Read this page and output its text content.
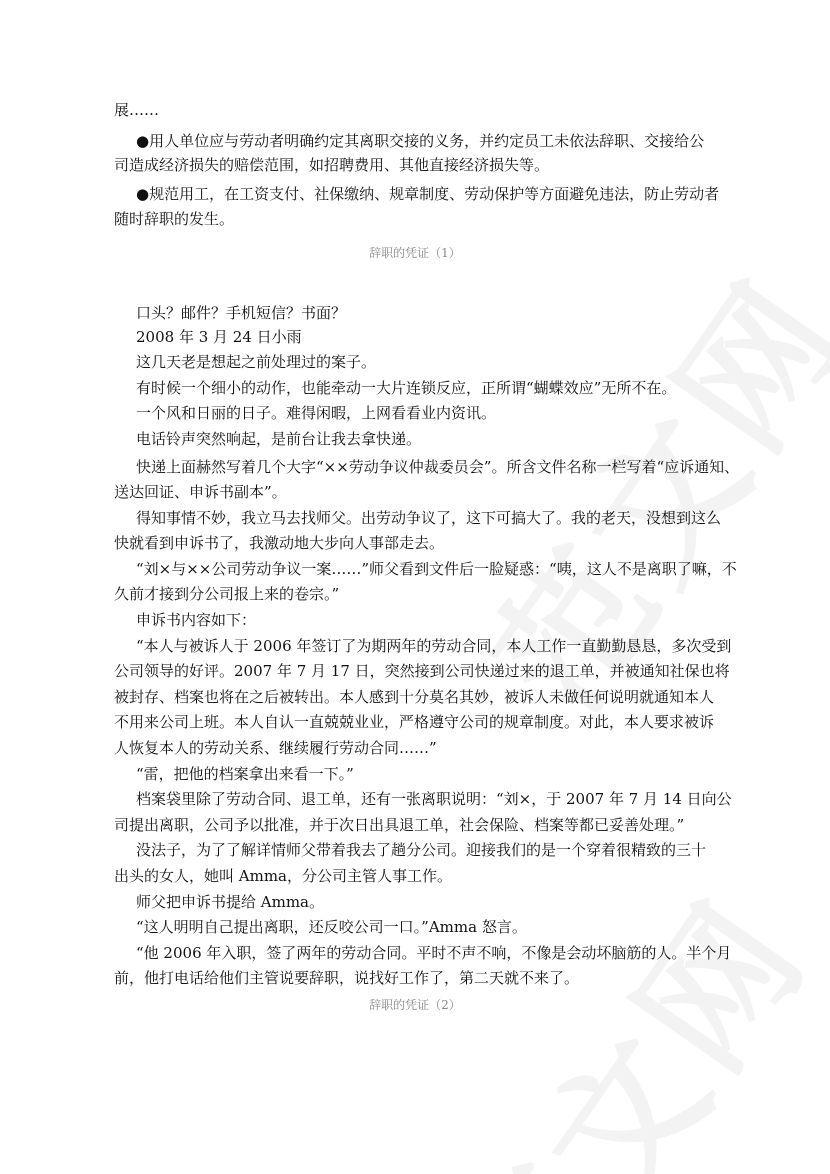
展……
●用人单位应与劳动者明确约定其离职交接的义务，并约定员工未依法辞职、交接给公
司造成经济损失的赔偿范围，如招聘费用、其他直接经济损失等。
●规范用工，在工资支付、社保缴纳、规章制度、劳动保护等方面避免违法，防止劳动者
随时辞职的发生。
辞职的凭证（1）
口头？邮件？手机短信？书面？
2008 年 3 月 24 日小雨
这几天老是想起之前处理过的案子。
有时候一个细小的动作，也能牵动一大片连锁反应，正所谓“蝴蝶效应”无所不在。
一个风和日丽的日子。难得闲暇，上网看看业内资讯。
电话铃声突然响起，是前台让我去拿快递。
快递上面赫然写着几个大字“××劳动争议仲裁委员会”。所含文件名称一栏写着“应诉通知、
送达回证、申诉书副本”。
得知事情不妙，我立马去找师父。出劳动争议了，这下可搞大了。我的老天，没想到这么
快就看到申诉书了，我激动地大步向人事部走去。
“刘×与××公司劳动争议一案……”师父看到文件后一脸疑惑：“咦，这人不是离职了嘛，不
久前才接到分公司报上来的卷宗。”
申诉书内容如下：
“本人与被诉人于 2006 年签订了为期两年的劳动合同，本人工作一直勤勤恳恳，多次受到
公司领导的好评。2007 年 7 月 17 日，突然接到公司快递过来的退工单，并被通知社保也将
被封存、档案也将在之后被转出。本人感到十分莫名其妙，被诉人未做任何说明就通知本人
不用来公司上班。本人自认一直兢兢业业，严格遵守公司的规章制度。对此，本人要求被诉
人恢复本人的劳动关系、继续履行劳动合同……”
“雷，把他的档案拿出来看一下。”
档案袋里除了劳动合同、退工单，还有一张离职说明：“刘×，于 2007 年 7 月 14 日向公
司提出离职，公司予以批准，并于次日出具退工单，社会保险、档案等都已妥善处理。”
没法子，为了了解详情师父带着我去了趟分公司。迎接我们的是一个穿着很精致的三十
出头的女人，她叫 Amma，分公司主管人事工作。
师父把申诉书提给 Amma。
“这人明明自己提出离职，还反咬公司一口。”Amma 怒言。
“他 2006 年入职，签了两年的劳动合同。平时不声不响，不像是会动坏脑筋的人。半个月
前，他打电话给他们主管说要辞职，说找好工作了，第二天就不来了。
辞职的凭证（2）
